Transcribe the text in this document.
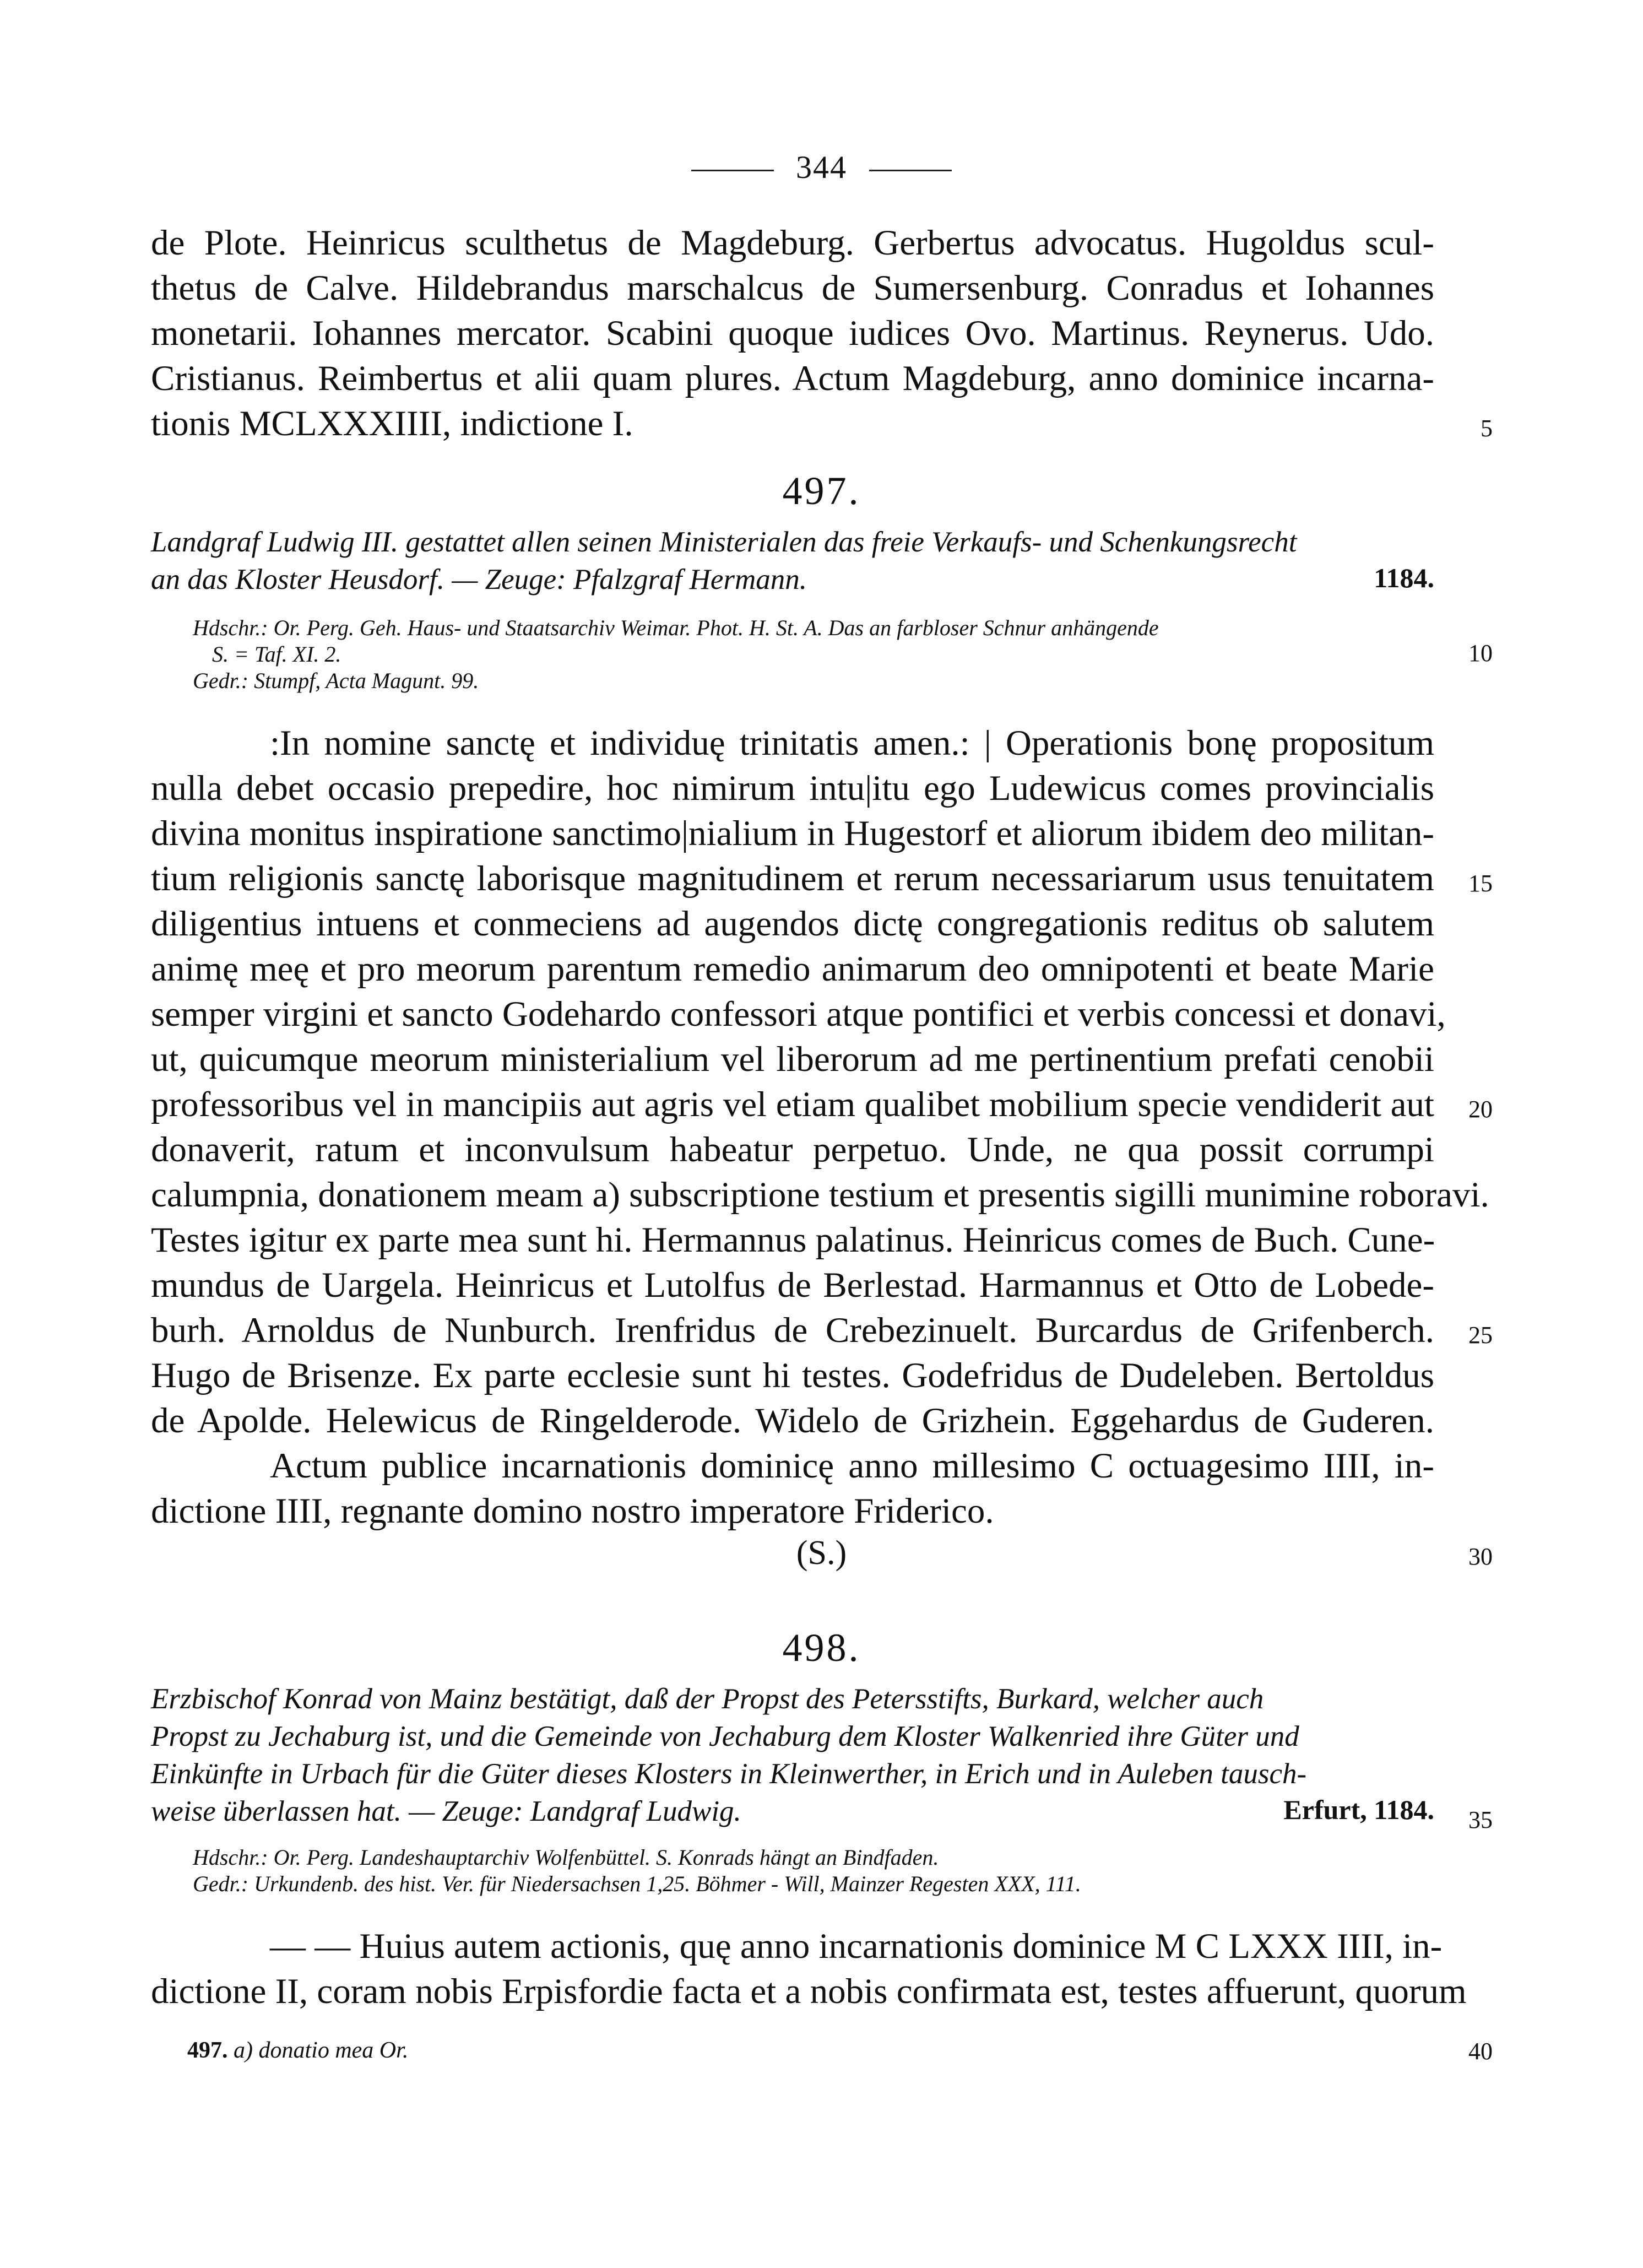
344
de Plote. Heinricus sculthetus de Magdeburg. Gerbertus advocatus. Hugoldus scul-
thetus de Calve. Hildebrandus marschalcus de Sumersenburg. Conradus et Iohannes
monetarii. Iohannes mercator. Scabini quoque iudices Ovo. Martinus. Reynerus. Udo.
Cristianus. Reimbertus et alii quam plures. Actum Magdeburg, anno dominice incarna-
tionis MCLXXXIIII, indictione I.
497.
Landgraf Ludwig III. gestattet allen seinen Ministerialen das freie Verkaufs- und Schenkungsrecht
an das Kloster Heusdorf. — Zeuge: Pfalzgraf Hermann.	1184.
Hdschr.: Or. Perg. Geh. Haus- und Staatsarchiv Weimar. Phot. H. St. A. Das an farbloser Schnur anhängende
S. = Taf. XI. 2.
Gedr.: Stumpf, Acta Magunt. 99.
:In nomine sanctę et individuę trinitatis amen.: | Operationis bonę propositum
nulla debet occasio prepedire, hoc nimirum intu|itu ego Ludewicus comes provincialis
divina monitus inspiratione sanctimo|nialium in Hugestorf et aliorum ibidem deo militan-
tium religionis sanctę laborisque magnitudinem et rerum necessariarum usus tenuitatem
diligentius intuens et conmeciens ad augendos dictę congregationis reditus ob salutem
animę meę et pro meorum parentum remedio animarum deo omnipotenti et beate Marie
semper virgini et sancto Godehardo confessori atque pontifici et verbis concessi et donavi,
ut, quicumque meorum ministerialium vel liberorum ad me pertinentium prefati cenobii
professoribus vel in mancipiis aut agris vel etiam qualibet mobilium specie vendiderit aut
donaverit, ratum et inconvulsum habeatur perpetuo. Unde, ne qua possit corrumpi
calumpnia, donationem meam a) subscriptione testium et presentis sigilli munimine roboravi.
Testes igitur ex parte mea sunt hi. Hermannus palatinus. Heinricus comes de Buch. Cune-
mundus de Uargela. Heinricus et Lutolfus de Berlestad. Harmannus et Otto de Lobede-
burh. Arnoldus de Nunburch. Irenfridus de Crebezinuelt. Burcardus de Grifenberch.
Hugo de Brisenze. Ex parte ecclesie sunt hi testes. Godefridus de Dudeleben. Bertoldus
de Apolde. Helewicus de Ringelderode. Widelo de Grizhein. Eggehardus de Guderen.
Actum publice incarnationis dominicę anno millesimo C octuagesimo IIII, in-
dictione IIII, regnante domino nostro imperatore Friderico.
(S.)
498.
Erzbischof Konrad von Mainz bestätigt, daß der Propst des Petersstifts, Burkard, welcher auch
Propst zu Jechaburg ist, und die Gemeinde von Jechaburg dem Kloster Walkenried ihre Güter und
Einkünfte in Urbach für die Güter dieses Klosters in Kleinwerther, in Erich und in Auleben tausch-
weise überlassen hat. — Zeuge: Landgraf Ludwig.	Erfurt, 1184.
Hdschr.: Or. Perg. Landeshauptarchiv Wolfenbüttel. S. Konrads hängt an Bindfaden.
Gedr.: Urkundenb. des hist. Ver. für Niedersachsen 1,25. Böhmer - Will, Mainzer Regesten XXX, 111.
— — Huius autem actionis, quę anno incarnationis dominice M C LXXX IIII, in-
dictione II, coram nobis Erpisfordie facta et a nobis confirmata est, testes affuerunt, quorum
497. a) donatio mea Or.
5
10
15
20
25
30
35
40
